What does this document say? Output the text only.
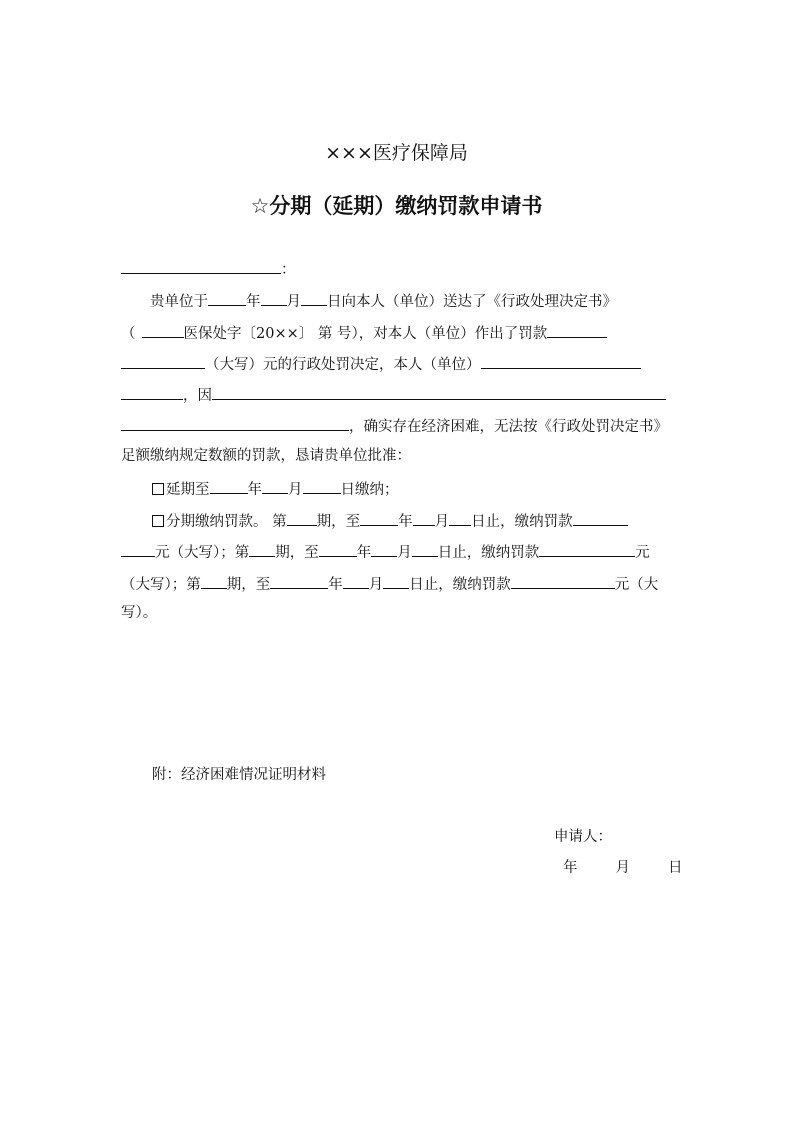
×××医疗保障局
☆分期（延期）缴纳罚款申请书
：
贵单位于	年 月 日向本人（单位）送达了《行政处理决定书》
（	医保处字〔20××〕 第 号），对本人（单位）作出了罚款
（大写）元的行政处罚决定，本人（单位）
，因
，确实存在经济困难，无法按《行政处罚决定书》
足额缴纳规定数额的罚款，恳请贵单位批准：
延期至	年 月	日缴纳；
分期缴纳罚款。 第 期，至	年 月 日止，缴纳罚款
元（大写）；第 期，至	年 月 日止，缴纳罚款	元
（大写）；第 期，至	年 月 日止，缴纳罚款	元（大
写）。
附：经济困难情况证明材料
申请人：
年	月	日
